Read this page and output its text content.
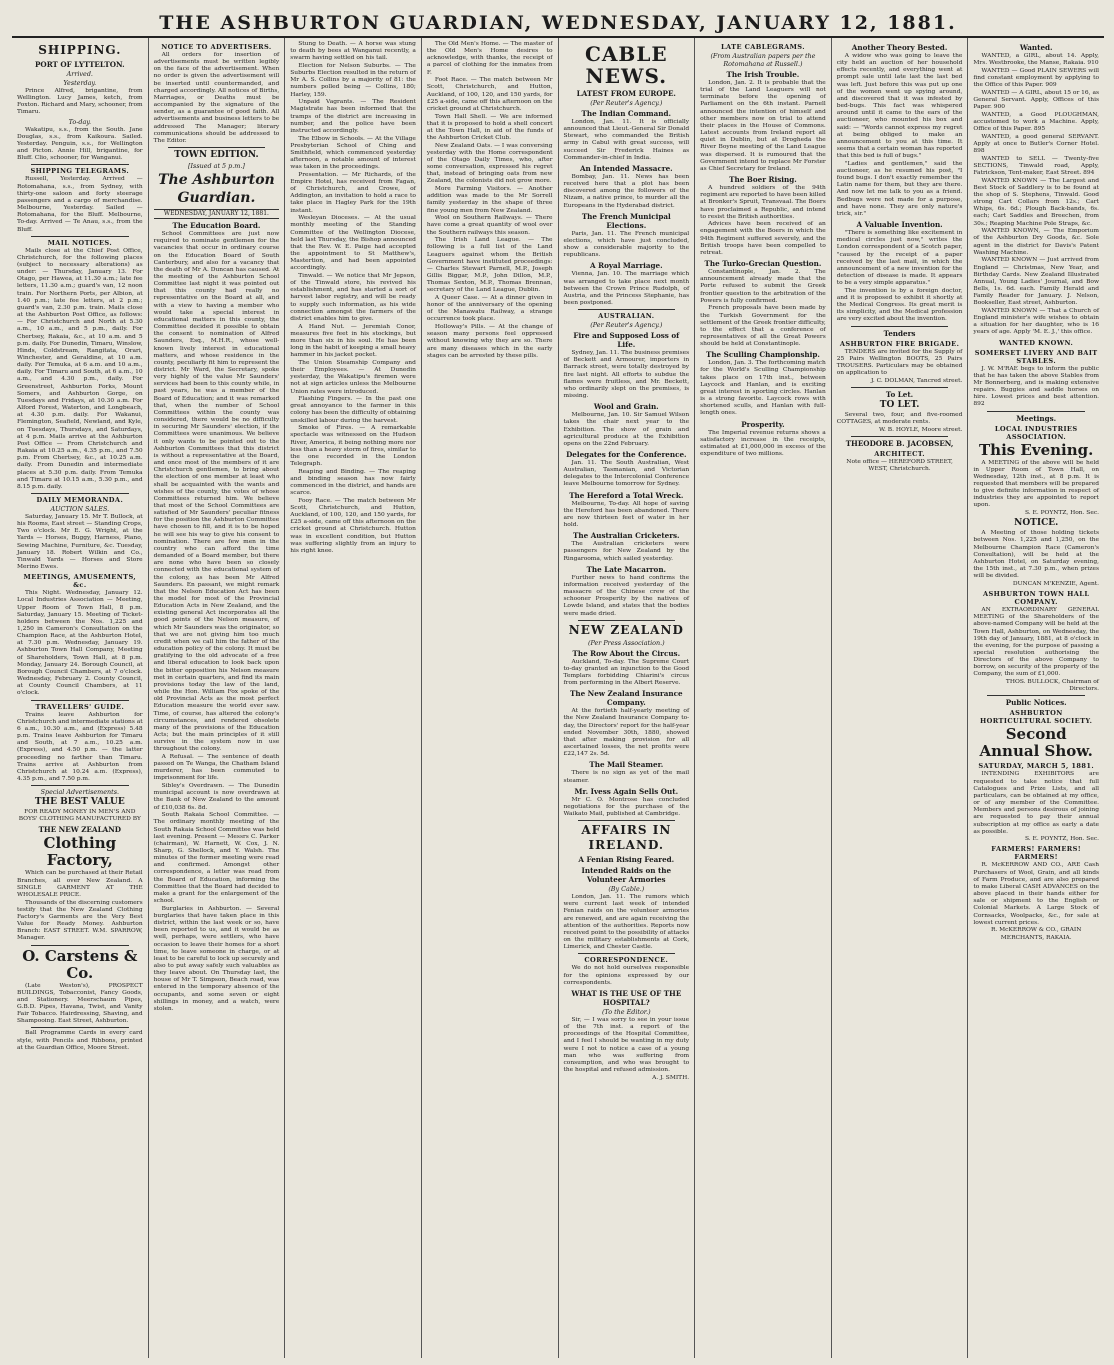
THE ASHBURTON GUARDIAN, WEDNESDAY, JANUARY 12, 1881.
SHIPPING.
PORT OF LYTTELTON.
Arrived.
Yesterday.

Prince Alfred, brigantine, from Wellington. Lucy James, ketch, from Foxton. Richard and Mary, schooner, from Timaru.

To-day.

Wakatipu, s.s., from the South. Jane Douglas, s.s., from Kaikoura. Sailed. Yesterday. Penguin, s.s., for Wellington and Picton. Annie Hill, brigantine, for Bluff. Clio, schooner, for Wanganui.

SHIPPING TELEGRAMS.

Russell, Yesterday. Arrived — Rotomahana, s.s., from Sydney, with thirty-one saloon and forty steerage passengers and a cargo of merchandise. Melbourne, Yesterday. Sailed — Rotomahana, for the Bluff. Melbourne, To-day. Arrived — Te Anau, s.s., from the Bluff.

MAIL NOTICES.

Mails close at the Chief Post Office, Christchurch, for the following places (subject to necessary alterations) as under: — Thursday, January 13. For Otago, per Hawea, at 11.30 a.m.; late fee letters, 11.30 a.m.; guard's van, 12 noon train. For Northern Ports, per Albion, at 1.40 p.m.; late fee letters, at 2 p.m.; guard's van, 2.30 p.m. train. Mails close at the Ashburton Post Office, as follows: — For Christchurch and North at 5.30 a.m., 10 a.m., and 5 p.m., daily. For Chertsey, Rakaia, &c., at 10 a.m. and 5 p.m. daily. For Dunedin, Timaru, Winslow, Hinds, Coldstream, Rangitata, Orari, Winchester, and Geraldine, at 10 a.m. daily. For Temuka, at 6 a.m. and 10 a.m., daily. For Timaru and South, at 6 a.m., 10 a.m., and 4.30 p.m., daily. For Greenstreet, Ashburton Forks, Mount Somers, and Ashburton Gorge, on Tuesdays and Fridays, at 10.30 a.m. For Alford Forest, Waterton, and Longbeach, at 4.30 p.m. daily. For Wakanui, Flemington, Seafield, Newland, and Kyle, on Tuesdays, Thursdays, and Saturdays, at 4 p.m. Mails arrive at the Ashburton Post Office — From Christchurch and Rakaia at 10.25 a.m., 4.35 p.m., and 7.50 p.m. From Chertsey, &c., at 10.25 a.m. daily. From Dunedin and intermediate places at 5.30 p.m. daily. From Temuka and Timaru at 10.15 a.m., 5.30 p.m., and 8.15 p.m. daily.

DAILY MEMORANDA.
AUCTION SALES.

Saturday, January 15. Mr T. Bullock, at his Rooms, East street — Standing Crops, Two o'clock. Mr E. G. Wright, at the Yards — Horses, Buggy, Harness, Piano, Sewing Machine, Furniture, &c. Tuesday, January 18. Robert Wilkin and Co., Tinwald Yards — Horses and Store Merino Ewes.

MEETINGS, AMUSEMENTS, &c.

This Night. Wednesday, January 12. Local Industries Association — Meeting, Upper Room of Town Hall, 8 p.m. Saturday, January 15. Meeting of Ticket-holders between the Nos. 1,225 and 1,250 in Cameron's Consultation on the Champion Race, at the Ashburton Hotel, at 7.30 p.m. Wednesday, January 19. Ashburton Town Hall Company, Meeting of Shareholders, Town Hall, at 8 p.m. Monday, January 24. Borough Council, at Borough Council Chambers, at 7 o'clock. Wednesday, February 2. County Council, at County Council Chambers, at 11 o'clock.

TRAVELLERS' GUIDE.

Trains leave Ashburton for Christchurch and intermediate stations at 6 a.m., 10.30 a.m., and (Express) 5.48 p.m. Trains leave Ashburton for Timaru and South, at 7 a.m., 10.25 a.m. (Express), and 4.50 p.m. — the latter proceeding no farther than Timaru. Trains arrive at Ashburton from Christchurch at 10.24 a.m. (Express), 4.35 p.m., and 7.50 p.m.

Special Advertisements.
THE BEST VALUE

FOR READY MONEY IN MEN'S AND BOYS' CLOTHING MANUFACTURED BY

THE NEW ZEALAND
Clothing Factory,

Which can be purchased at their Retail Branches, all over New Zealand. A SINGLE GARMENT AT THE WHOLESALE PRICE.

Thousands of the discerning customers testify that the New Zealand Clothing Factory's Garments are the Very Best Value for Ready Money. Ashburton Branch: EAST STREET. W.M. SPARROW, Manager.

O. Carstens & Co.

(Late Weston's), PROSPECT BUILDINGS, Tobacconist, Fancy Goods, and Stationery. Meerschaum Pipes, G.B.D. Pipes, Havana, Twist, and Vanity Fair Tobacco. Hairdressing, Shaving, and Shampooing. East Street, Ashburton.

Ball Programme Cards in every card style, with Pencils and Ribbons, printed at the Guardian Office, Moore Street.

NOTICE TO ADVERTISERS.

All orders for insertion of advertisements must be written legibly on the face of the advertisement. When no order is given the advertisement will be inserted until countermanded, and charged accordingly. All notices of Births, Marriages, or Deaths must be accompanied by the signature of the sender, as a guarantee of good faith. All advertisements and business letters to be addressed The Manager; literary communications should be addressed to The Editor.

TOWN EDITION.
[Issued at 5 p.m.]
The Ashburton Guardian.
WEDNESDAY, JANUARY 12, 1881.
The Education Board.

School Committees are just now required to nominate gentlemen for the vacancies that occur in ordinary course on the Education Board of South Canterbury, and also for a vacancy that the death of Mr A. Duncan has caused. At the meeting of the Ashburton School Committee last night it was pointed out that this county had really no representative on the Board at all, and with a view to having a member who would take a special interest in educational matters in this county, the Committee decided it possible to obtain the consent to nomination of Alfred Saunders, Esq., M.H.R., whose well-known lively interest in educational matters, and whose residence in the county, peculiarly fit him to represent the district. Mr Ward, the Secretary, spoke very highly of the value Mr Saunders' services had been to this county while, in past years, he was a member of the Board of Education; and it was remarked that, when the number of School Committees within the county was considered, there would be no difficulty in securing Mr Saunders' election, if the Committees were unanimous. We believe it only wants to be pointed out to the Ashburton Committees that this district is without a representative at the Board, and once most of the members of it are Christchurch gentlemen, to bring about the election of one member at least who shall be acquainted with the wants and wishes of the county, the votes of whose Committees returned him. We believe that most of the School Committees are satisfied of Mr Saunders' peculiar fitness for the position the Ashburton Committee have chosen to fill, and it is to be hoped he will see his way to give his consent to nomination. There are few men in the country who can afford the time demanded of a Board member, but there are none who have been so closely connected with the educational system of the colony, as has been Mr Alfred Saunders. En passant, we might remark that the Nelson Education Act has been the model for most of the Provincial Education Acts in New Zealand, and the existing general Act incorporates all the good points of the Nelson measure, of which Mr Saunders was the originator, so that we are not giving him too much credit when we call him the father of the education policy of the colony. It must be gratifying to the old advocate of a free and liberal education to look back upon the bitter opposition his Nelson measure met in certain quarters, and find its main provisions today the law of the land, while the Hon. William Fox spoke of the old Provincial Acts as the most perfect Education measure the world ever saw. Time, of course, has altered the colony's circumstances, and rendered obsolete many of the provisions of the Education Acts; but the main principles of it still survive in the system now in use throughout the colony.

A Refusal. — The sentence of death passed on Te Wanga, the Chatham Island murderer, has been commuted to imprisonment for life.

Sibley's Overdrawn. — The Dunedin municipal account is now overdrawn at the Bank of New Zealand to the amount of £10,038 6s. 8d.

South Rakaia School Committee. — The ordinary monthly meeting of the South Rakaia School Committee was held last evening. Present — Messrs C. Parker (chairman), W. Harnett, W. Cox, J. N. Sharp, G. Shellock, and Y. Walsh. The minutes of the former meeting were read and confirmed. Amongst other correspondence, a letter was read from the Board of Education, informing the Committee that the Board had decided to make a grant for the enlargement of the school.

Burglaries in Ashburton. — Several burglaries that have taken place in this district, within the last week or so, have been reported to us, and it would be as well, perhaps, were settlers, who have occasion to leave their homes for a short time, to leave someone in charge, or at least to be careful to lock up securely and also to put away safely such valuables as they leave about. On Thursday last, the house of Mr T. Simpson, Beach road, was entered in the temporary absence of the occupants, and some seven or eight shillings in money, and a watch, were stolen.

Stung to Death. — A horse was stung to death by bees at Wanganui recently, a swarm having settled on his tail.

Election for Nelson Suburbs. — The Suburbs Election resulted in the return of Mr A. S. Collins by a majority of 81: the numbers polled being — Collins, 180; Harley, 159.

Unpaid Vagrants. — The Resident Magistrate has been informed that the tramps of the district are increasing in number, and the police have been instructed accordingly.

The Elbow in Schools. — At the Village Presbyterian School of Ching and Smithfield, which commenced yesterday afternoon, a notable amount of interest was taken in the proceedings.

Presentation. — Mr Richards, of the Empire Hotel, has received from Fagan, of Christchurch, and Crowe, of Addington, an invitation to hold a race to take place in Hagley Park for the 19th instant.

Wesleyan Dioceses. — At the usual monthly meeting of the Standing Committee of the Wellington Diocese, held last Thursday, the Bishop announced that the Rev. W. E. Paige had accepted the appointment to St Matthew's, Mastertion, and had been appointed accordingly.

Tinwald. — We notice that Mr Jepson, of the Tinwald store, his revived his establishment, and has started a sort of harvest labor registry, and will be ready to supply such information, as his wide connection amongst the farmers of the district enables him to give.

A Hand Nut. — Jeremiah Conor, measures five feet in his stockings, but more than six in his soul. He has been long in the habit of keeping a small heavy hammer in his jacket pocket.

The Union Steamship Company and their Employees. — At Dunedin yesterday, the Wakatipu's firemen were not at sign articles unless the Melbourne Union rates were introduced.

Flashing Fingers. — In the past one great annoyance to the farmer in this colony has been the difficulty of obtaining unskilled labour during the harvest.

Smoke of Fires. — A remarkable spectacle was witnessed on the Hudson River, America, it being nothing more nor less than a heavy storm of fires, similar to the one recorded in the London Telegraph.

Reaping and Binding. — The reaping and binding season has now fairly commenced in the district, and hands are scarce.

Fooy Race. — The match between Mr Scott, Christchurch, and Hutton, Auckland, of 100, 120, and 150 yards, for £25 a-side, came off this afternoon on the cricket ground at Christchurch. Hutton was in excellent condition, but Hutton was suffering slightly from an injury to his right knee.

The Old Men's Home. — The master of the Old Men's Home desires to acknowledge, with thanks, the receipt of a parcel of clothing for the inmates from F.

Foot Race. — The match between Mr Scott, Christchurch, and Hutton, Auckland, of 100, 120, and 150 yards, for £25 a-side, came off this afternoon on the cricket ground at Christchurch.

Town Hall Shell. — We are informed that it is proposed to hold a shell concert at the Town Hall, in aid of the funds of the Ashburton Cricket Club.

New Zealand Oats. — I was conversing yesterday with the Home correspondent of the Otago Daily Times, who, after some conversation, expressed his regret that, instead of bringing oats from new Zealand, the colonists did not grow more.

More Farming Visitors. — Another addition was made to the Mr Sorrell family yesterday in the shape of three fine young men from New Zealand.

Wool on Southern Railways. — There have come a great quantity of wool over the Southern railways this season.

The Irish Land League. — The following is a full list of the Land Leaguers against whom the British Government have instituted proceedings: — Charles Stewart Parnell, M.P., Joseph Gillis Biggar, M.P., John Dillon, M.P., Thomas Sexton, M.P., Thomas Brennan, secretary of the Land League, Dublin.

A Queer Case. — At a dinner given in honor of the anniversary of the opening of the Manawatu Railway, a strange occurrence took place.

Holloway's Pills. — At the change of season many persons feel oppressed without knowing why they are so. There are many diseases which in the early stages can be arrested by these pills.

CABLE NEWS.
LATEST FROM EUROPE.
(Per Reuter's Agency.)
The Indian Command.

London, Jan. 11. It is officially announced that Lieut.-General Sir Donald Stewart, who commanded the British army in Cabul with great success, will succeed Sir Frederick Haines as Commander-in-chief in India.

An Intended Massacre.

Bombay, Jan. 11. News has been received here that a plot has been discovered among the followers of the Nizam, a native prince, to murder all the Europeans in the Hyderabad district.

The French Municipal Elections.

Paris, Jan. 11. The French municipal elections, which have just concluded, show a considerable majority to the republicans.

A Royal Marriage.

Vienna, Jan. 10. The marriage which was arranged to take place next month between the Crown Prince Rudolph, of Austria, and the Princess Stephanie, has been postponed.

AUSTRALIAN.
(Per Reuter's Agency.)
Fire and Supposed Loss of Life.

Sydney, Jan. 11. The business premises of Beckett and Armourer, importers in Barrack street, were totally destroyed by fire last night. All efforts to subdue the flames were fruitless, and Mr. Beckett, who ordinarily slept on the premises, is missing.

Wool and Grain.

Melbourne, Jan. 10. Sir Samuel Wilson takes the chair next year to the Exhibition. The show of grain and agricultural produce at the Exhibition opens on the 22nd February.

Delegates for the Conference.

Jan. 11. The South Australian, West Australian, Tasmanian, and Victorian delegates to the Intercolonial Conference leave Melbourne tomorrow for Sydney.

The Hereford a Total Wreck.

Melbourne, To-day. All hope of saving the Hereford has been abandoned. There are now thirteen feet of water in her hold.

The Australian Cricketers.

The Australian cricketers were passengers for New Zealand by the Ringarooma, which sailed yesterday.

The Late Macarron.

Further news to hand confirms the information received yesterday of the massacre of the Chinese crew of the schooner Prosperity by the natives of Lowde Island, and states that the bodies were made dried.

NEW ZEALAND
(Per Press Association.)
The Row About the Circus.

Auckland, To-day. The Supreme Court to-day granted an injunction to the Good Templars forbidding Chiarini's circus from performing in the Albert Reserve.

The New Zealand Insurance Company.

At the fortieth half-yearly meeting of the New Zealand Insurance Company to-day, the Directors' report for the half-year ended November 30th, 1880, showed that after making provision for all ascertained losses, the net profits were £22,147 2s. 5d.

The Mail Steamer.

There is no sign as yet of the mail steamer.

Mr. Ivess Again Sells Out.

Mr C. O. Montrose has concluded negotiations for the purchase of the Waikato Mail, published at Cambridge.

AFFAIRS IN IRELAND.
A Fenian Rising Feared.
Intended Raids on the Volunteer Armories
(By Cable.)

London, Jan. 11. The rumors which were current last week of intended Fenian raids on the volunteer armories are renewed, and are again receiving the attention of the authorities. Reports now received point to the possibility of attacks on the military establishments at Cork, Limerick, and Chester Castle.

CORRESPONDENCE.

We do not hold ourselves responsible for the opinions expressed by our correspondents.

WHAT IS THE USE OF THE HOSPITAL?
(To the Editor.)

Sir, — I was sorry to see in your issue of the 7th inst. a report of the proceedings of the Hospital Committee, and I feel I should be wanting in my duty were I not to notice a case of a young man who was suffering from consumption, and who was brought to the hospital and refused admission.

A. J. SMITH.

LATE CABLEGRAMS.
(From Australian papers per the Rotomahana at Russell.)
The Irish Trouble.

London, Jan. 2. It is probable that the trial of the Land Leaguers will not terminate before the opening of Parliament on the 6th instant. Parnell announced the intention of himself and other members now on trial to attend their places in the House of Commons. Latest accounts from Ireland report all quiet in Dublin, but at Drogheda the River Boyne meeting of the Land League was dispersed. It is rumoured that the Government intend to replace Mr Forster as Chief Secretary for Ireland.

The Boer Rising.

A hundred soldiers of the 94th regiment are reported to have been killed at Bronker's Spruit, Transvaal. The Boers have proclaimed a Republic, and intend to resist the British authorities.

Advices have been received of an engagement with the Boers in which the 94th Regiment suffered severely, and the British troops have been compelled to retreat.

The Turko-Grecian Question.

Constantinople, Jan. 2. The announcement already made that the Porte refused to submit the Greek frontier question to the arbitration of the Powers is fully confirmed.

French proposals have been made by the Turkish Government for the settlement of the Greek frontier difficulty, to the effect that a conference of representatives of all the Great Powers should be held at Constantinople.

The Sculling Championship.

London, Jan. 3. The forthcoming match for the World's Sculling Championship takes place on 17th inst., between Laycock and Hanlan, and is exciting great interest in sporting circles. Hanlan is a strong favorite. Laycock rows with shortened sculls, and Hanlan with full-length ones.

Prosperity.

The Imperial revenue returns shows a satisfactory increase in the receipts, estimated at £1,000,000 in excess of the expenditure of two millions.

Another Theory Bested.

A widow who was going to leave the city held an auction of her household effects recently, and everything went at prompt sale until late last the last bed was left. Just before this was put up one of the women went up spying around, and discovered that it was infested by bed-bugs. This fact was whispered around until it came to the ears of the auctioneer, who mounted his box and said: — "Words cannot express my regret at being obliged to make an announcement to you at this time. It seems that a certain woman has reported that this bed is full of bugs."

"Ladies and gentlemen," said the auctioneer, as he resumed his post, "I found bugs. I don't exactly remember the Latin name for them, but they are there. And now let me talk to you as a friend. Bedbugs were not made for a purpose, and have none. They are only nature's trick, sir."

A Valuable Invention.

"There is something like excitement in medical circles just now," writes the London correspondent of a Scotch paper, "caused by the receipt of a paper received by the last mail, in which the announcement of a new invention for the detection of disease is made. It appears to be a very simple apparatus."

The invention is by a foreign doctor, and it is proposed to exhibit it shortly at the Medical Congress. Its great merit is its simplicity, and the Medical profession are very excited about the invention.

Tenders
ASHBURTON FIRE BRIGADE.

TENDERS are invited for the Supply of 25 Pairs Wellington BOOTS, 25 Pairs TROUSERS. Particulars may be obtained on application to

J. C. DOLMAN, Tancred street.

To Let.
TO LET.

Several two, four, and five-roomed COTTAGES, at moderate rents.

W. B. HOYLE, Moore street.

THEODORE B. JACOBSEN,
ARCHITECT.

Note office — HEREFORD STREET, WEST, Christchurch.

Wanted.

WANTED, a GIRL, about 14. Apply, Mrs. Westbrooke, the Manse, Rakaia. 910

WANTED — Good PLAIN SEWERS will find constant employment by applying to the Office of this Paper. 909

WANTED — A GIRL, about 15 or 16, as General Servant. Apply, Offices of this Paper. 900

WANTED, a Good PLOUGHMAN, accustomed to work a Machine. Apply, Office of this Paper. 895

WANTED, a good general SERVANT. Apply at once to Butler's Corner Hotel. 898

WANTED to SELL — Twenty-five SECTIONS, Tinwald road, Apply, Fatrickson, Tent-maker, East Street. 894

WANTED KNOWN — The Largest and Best Stock of Saddlery is to be found at the shop of S. Stephens, Tinwald. Good strong Cart Collars from 12s.; Cart Whips, 6s. 6d.; Plough Back-bands, 6s. each; Cart Saddles and Breechen, from 30s.; Reaping Machine Pole Straps, &c.

WANTED KNOWN, — The Emporium of the Ashburton Dry Goods, &c. Sole agent in the district for Davis's Patent Washing Machine.

WANTED KNOWN — Just arrived from England — Christmas, New Year, and Birthday Cards. New Zealand Illustrated Annual, Young Ladies' Journal, and Bow Bells, 1s. 6d. each. Family Herald and Family Reader for January. J. Nelson, Bookseller, East street, Ashburton.

WANTED KNOWN — That a Church of England minister's wife wishes to obtain a situation for her daughter, who is 16 years of age. Apply 'M. E. J.,' this office.

WANTED KNOWN.
SOMERSET LIVERY AND BAIT STABLES.

J. W. M'RAE begs to inform the public that he has taken the above Stables from Mr Bonnerberg, and is making extensive repairs. Buggies and saddle horses on hire. Lowest prices and best attention. 892

Meetings.
LOCAL INDUSTRIES ASSOCIATION.
This Evening.

A MEETING of the above will be held in Upper Room of Town Hall, on Wednesday, 12th inst., at 8 p.m. It is requested that members will be prepared to give definite information in respect of industries they are appointed to report upon.

S. E. POYNTZ, Hon. Sec.

NOTICE.

A Meeting of those holding tickets between Nos. 1,225 and 1,250, on the Melbourne Champion Race (Cameron's Consultation), will be held at the Ashburton Hotel, on Saturday evening, the 15th inst., at 7.30 p.m., when prizes will be divided.

DUNCAN M'KENZIE, Agent.

ASHBURTON TOWN HALL COMPANY.

AN EXTRAORDINARY GENERAL MEETING of the Shareholders of the above-named Company will be held at the Town Hall, Ashburton, on Wednesday, the 19th day of January, 1881, at 8 o'clock in the evening, for the purpose of passing a special resolution authorising the Directors of the above Company to borrow, on security of the property of the Company, the sum of £1,000.

THOS. BULLOCK, Chairman of Directors.

Public Notices.
ASHBURTON HORTICULTURAL SOCIETY.
Second Annual Show.
SATURDAY, MARCH 5, 1881.

INTENDING EXHIBITORS are requested to take notice that full Catalogues and Prize Lists, and all particulars, can be obtained at my office, or of any member of the Committee. Members and persons desirous of joining are requested to pay their annual subscription at my office as early a date as possible.

S. E. POYNTZ, Hon. Sec.

FARMERS! FARMERS! FARMERS!

R. McKERROW AND CO., ARE Cash Purchasers of Wool, Grain, and all kinds of Farm Produce, and are also prepared to make Liberal CASH ADVANCES on the above placed in their hands either for sale or shipment to the English or Colonial Markets. A Large Stock of Cornsacks, Woolpacks, &c., for sale at lowest current prices.

R. McKERROW & CO., GRAIN MERCHANTS, RAKAIA.
